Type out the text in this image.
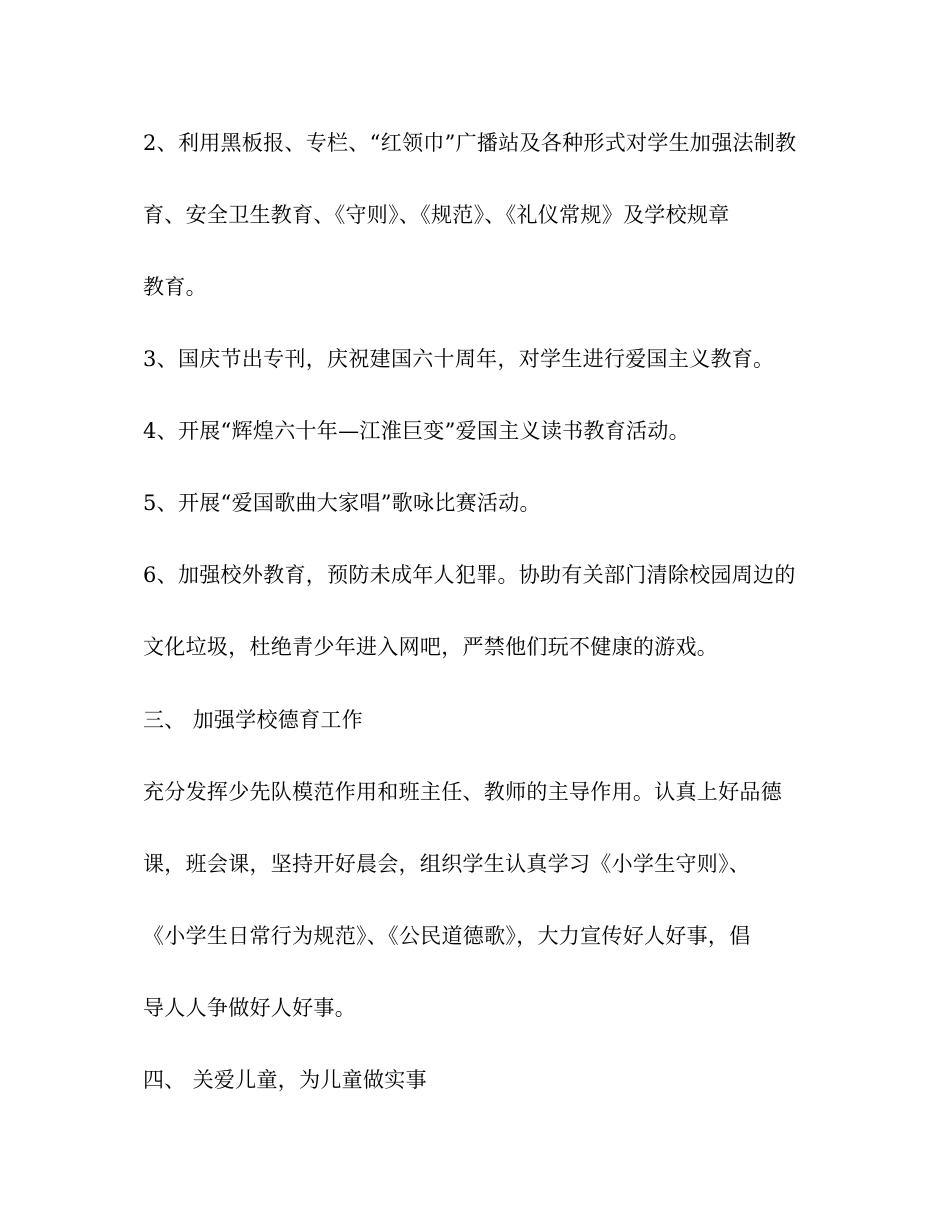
2、利用黑板报、专栏、“红领巾”广播站及各种形式对学生加强法制教
育、安全卫生教育、《守则》、《规范》、《礼仪常规》及学校规章
教育。
3、国庆节出专刊，庆祝建国六十周年，对学生进行爱国主义教育。
4、开展“辉煌六十年—江淮巨变”爱国主义读书教育活动。
5、开展“爱国歌曲大家唱”歌咏比赛活动。
6、加强校外教育，预防未成年人犯罪。协助有关部门清除校园周边的
文化垃圾，杜绝青少年进入网吧，严禁他们玩不健康的游戏。
三、 加强学校德育工作
充分发挥少先队模范作用和班主任、教师的主导作用。认真上好品德
课，班会课，坚持开好晨会，组织学生认真学习《小学生守则》、
《小学生日常行为规范》、《公民道德歌》，大力宣传好人好事，倡
导人人争做好人好事。
四、 关爱儿童，为儿童做实事
